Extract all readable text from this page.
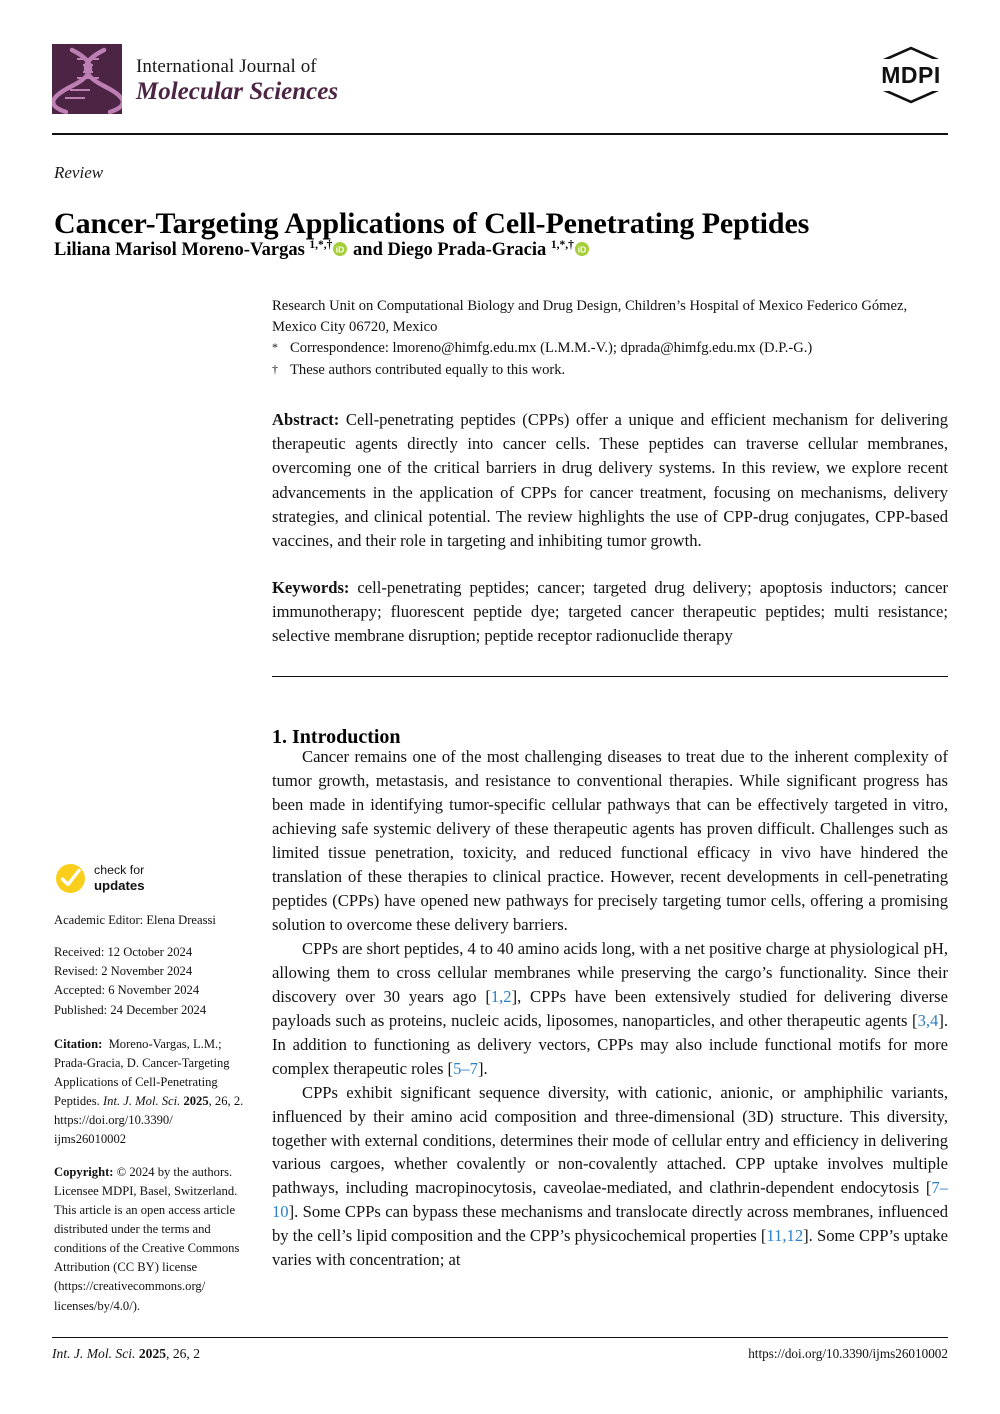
International Journal of
Molecular Sciences
MDPI
Review
Cancer-Targeting Applications of Cell-Penetrating Peptides
Liliana Marisol Moreno-Vargas $^{1,*,\dagger}$ iD and Diego Prada-Gracia $^{1,*,\dagger}$ iD

Research Unit on Computational Biology and Drug Design, Children’s Hospital of Mexico Federico Gómez,

Mexico City 06720, Mexico

* Correspondence: lmoreno@himfg.edu.mx (L.M.M.-V.); dprada@himfg.edu.mx (D.P.-G.)
† These authors contributed equally to this work.
Abstract: Cell-penetrating peptides (CPPs) offer a unique and efficient mechanism for delivering therapeutic agents directly into cancer cells. These peptides can traverse cellular membranes, overcoming one of the critical barriers in drug delivery systems. In this review, we explore recent advancements in the application of CPPs for cancer treatment, focusing on mechanisms, delivery strategies, and clinical potential. The review highlights the use of CPP-drug conjugates, CPP-based vaccines, and their role in targeting and inhibiting tumor growth.
Keywords: cell-penetrating peptides; cancer; targeted drug delivery; apoptosis inductors; cancer immunotherapy; fluorescent peptide dye; targeted cancer therapeutic peptides; multi resistance; selective membrane disruption; peptide receptor radionuclide therapy
1. Introduction

Cancer remains one of the most challenging diseases to treat due to the inherent complexity of tumor growth, metastasis, and resistance to conventional therapies. While significant progress has been made in identifying tumor-specific cellular pathways that can be effectively targeted in vitro, achieving safe systemic delivery of these therapeutic agents has proven difficult. Challenges such as limited tissue penetration, toxicity, and reduced functional efficacy in vivo have hindered the translation of these therapies to clinical practice. However, recent developments in cell-penetrating peptides (CPPs) have opened new pathways for precisely targeting tumor cells, offering a promising solution to overcome these delivery barriers.

CPPs are short peptides, 4 to 40 amino acids long, with a net positive charge at physiological pH, allowing them to cross cellular membranes while preserving the cargo’s functionality. Since their discovery over 30 years ago [1,2], CPPs have been extensively studied for delivering diverse payloads such as proteins, nucleic acids, liposomes, nanoparticles, and other therapeutic agents [3,4]. In addition to functioning as delivery vectors, CPPs may also include functional motifs for more complex therapeutic roles [5–7].

CPPs exhibit significant sequence diversity, with cationic, anionic, or amphiphilic variants, influenced by their amino acid composition and three-dimensional (3D) structure. This diversity, together with external conditions, determines their mode of cellular entry and efficiency in delivering various cargoes, whether covalently or non-covalently attached. CPP uptake involves multiple pathways, including macropinocytosis, caveolae-mediated, and clathrin-dependent endocytosis [7–10]. Some CPPs can bypass these mechanisms and translocate directly across membranes, influenced by the cell’s lipid composition and the CPP’s physicochemical properties [11,12]. Some CPP’s uptake varies with concentration; at

check for
updates

Academic Editor: Elena Dreassi

Received: 12 October 2024

Revised: 2 November 2024

Accepted: 6 November 2024

Published: 24 December 2024

Citation: Moreno-Vargas, L.M.;

Prada-Gracia, D. Cancer-Targeting

Applications of Cell-Penetrating

Peptides. Int. J. Mol. Sci. 2025, 26, 2.

https://doi.org/10.3390/

ijms26010002

Copyright: © 2024 by the authors.

Licensee MDPI, Basel, Switzerland.

This article is an open access article

distributed under the terms and

conditions of the Creative Commons

Attribution (CC BY) license

(https://creativecommons.org/

licenses/by/4.0/).

Int. J. Mol. Sci. 2025, 26, 2	https://doi.org/10.3390/ijms26010002
